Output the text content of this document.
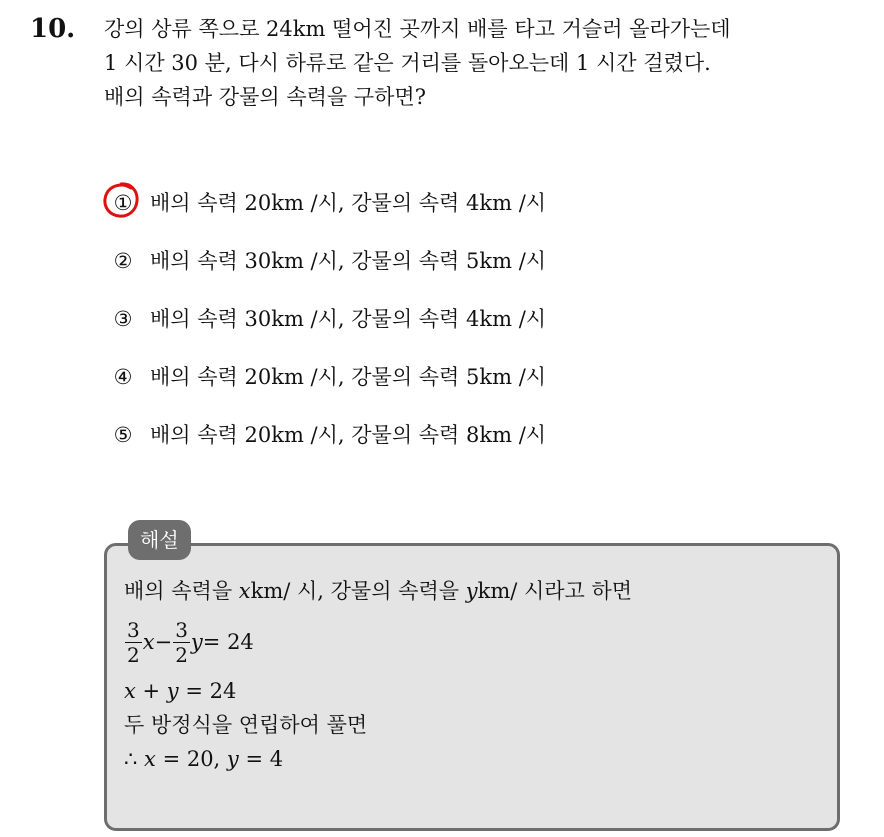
10. 강의 상류 쪽으로 24km 떨어진 곳까지 배를 타고 거슬러 올라가는데
1 시간 30 분, 다시 하류로 같은 거리를 돌아오는데 1 시간 걸렸다.
배의 속력과 강물의 속력을 구하면?

① 배의 속력 20km /시, 강물의 속력 4km /시
② 배의 속력 30km /시, 강물의 속력 5km /시
③ 배의 속력 30km /시, 강물의 속력 4km /시
④ 배의 속력 20km /시, 강물의 속력 5km /시
⑤ 배의 속력 20km /시, 강물의 속력 8km /시
해설
배의 속력을 xkm/ 시, 강물의 속력을 ykm/ 시라고 하면
$\frac{3}{2}$ $x - \frac{3}{2}$ y = 24
x + y = 24
두 방정식을 연립하여 풀면
∴ x = 20, y = 4
